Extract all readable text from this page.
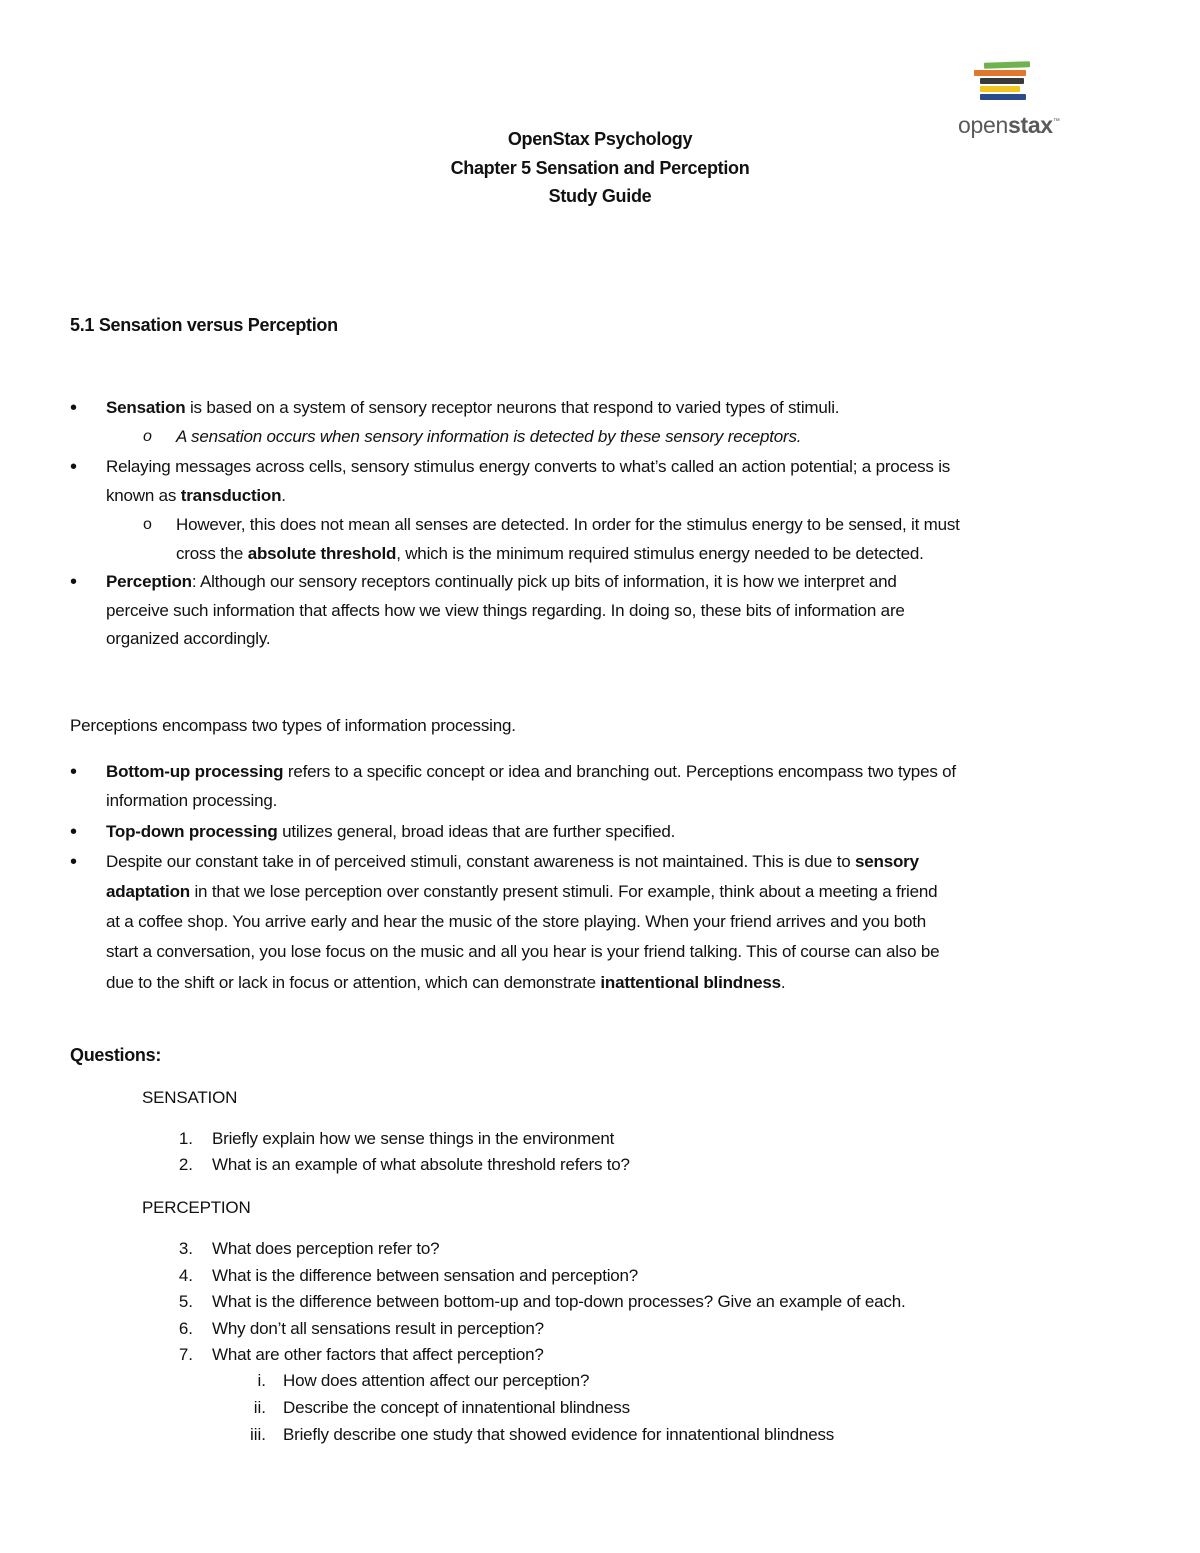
openstax™
OpenStax Psychology
Chapter 5 Sensation and Perception
Study Guide
5.1 Sensation versus Perception
• Sensation is based on a system of sensory receptor neurons that respond to varied types of stimuli.
o A sensation occurs when sensory information is detected by these sensory receptors.
• Relaying messages across cells, sensory stimulus energy converts to what’s called an action potential; a process is
known as transduction.
o However, this does not mean all senses are detected. In order for the stimulus energy to be sensed, it must
cross the absolute threshold, which is the minimum required stimulus energy needed to be detected.
• Perception: Although our sensory receptors continually pick up bits of information, it is how we interpret and
perceive such information that affects how we view things regarding. In doing so, these bits of information are
organized accordingly.
Perceptions encompass two types of information processing.
• Bottom-up processing refers to a specific concept or idea and branching out. Perceptions encompass two types of
information processing.
• Top-down processing utilizes general, broad ideas that are further specified.
• Despite our constant take in of perceived stimuli, constant awareness is not maintained. This is due to sensory
adaptation in that we lose perception over constantly present stimuli. For example, think about a meeting a friend
at a coffee shop. You arrive early and hear the music of the store playing. When your friend arrives and you both
start a conversation, you lose focus on the music and all you hear is your friend talking. This of course can also be
due to the shift or lack in focus or attention, which can demonstrate inattentional blindness.
Questions:
SENSATION
1. Briefly explain how we sense things in the environment
2. What is an example of what absolute threshold refers to?
PERCEPTION
3. What does perception refer to?
4. What is the difference between sensation and perception?
5. What is the difference between bottom-up and top-down processes? Give an example of each.
6. Why don’t all sensations result in perception?
7. What are other factors that affect perception?
i. How does attention affect our perception?
ii. Describe the concept of innatentional blindness
iii. Briefly describe one study that showed evidence for innatentional blindness
